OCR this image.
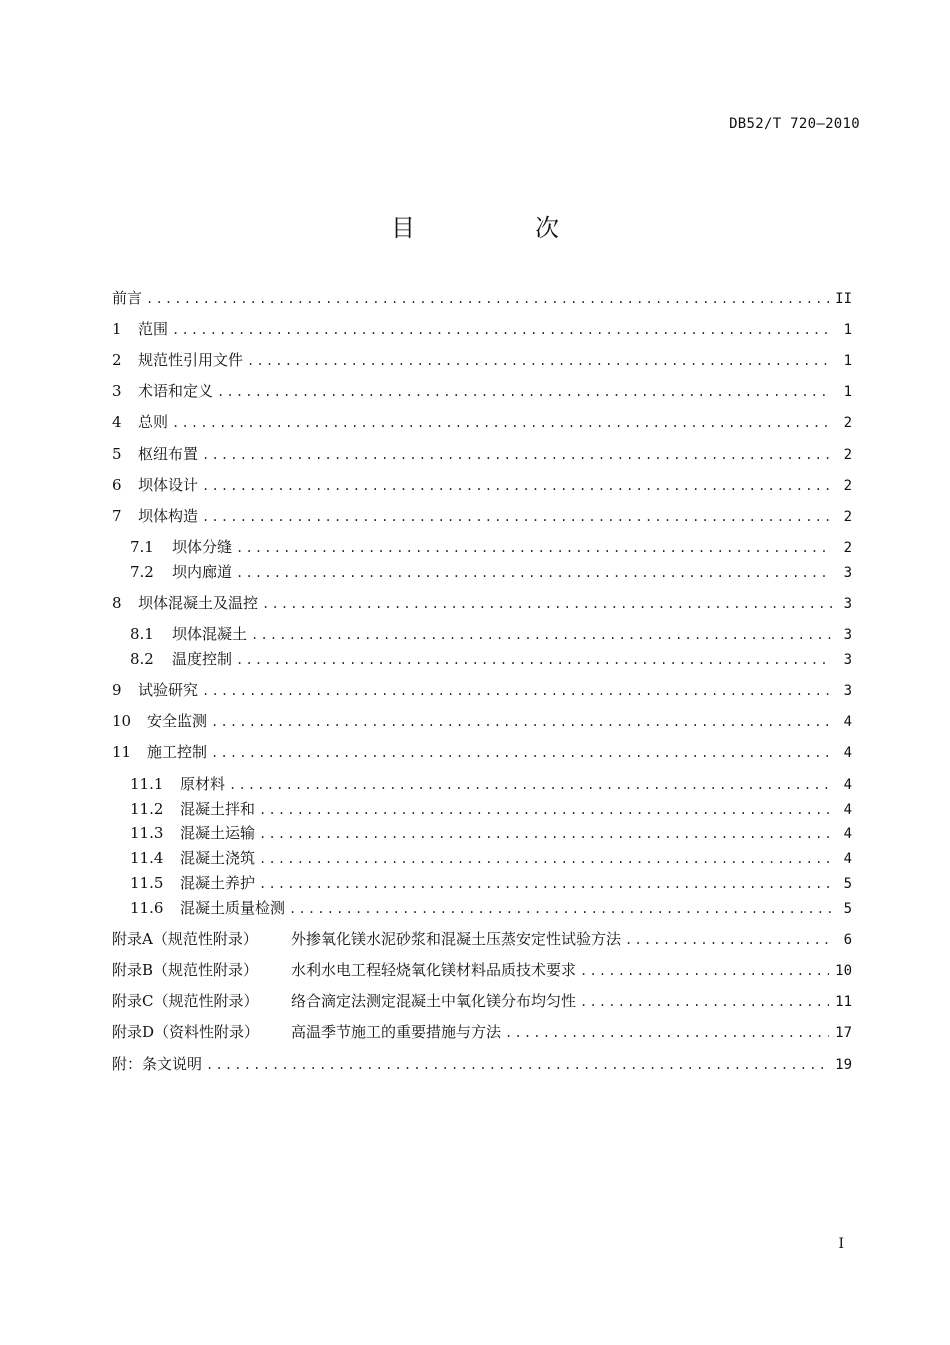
DB52/T 720—2010
目　次
前言 .....	II
1	范围 .....	1
2	规范性引用文件 .....	1
3	术语和定义 .....	1
4	总则 .....	2
5	枢纽布置 .....	2
6	坝体设计 .....	2
7	坝体构造 .....	2
7.1	坝体分缝 .....	2
7.2	坝内廊道 .....	3
8	坝体混凝土及温控 .....	3
8.1	坝体混凝土 .....	3
8.2	温度控制 .....	3
9	试验研究 .....	3
10	安全监测 .....	4
11	施工控制 .....	4
11.1	原材料 .....	4
11.2	混凝土拌和 .....	4
11.3	混凝土运输 .....	4
11.4	混凝土浇筑 .....	4
11.5	混凝土养护 .....	5
11.6	混凝土质量检测 .....	5
附录A（规范性附录）	外掺氧化镁水泥砂浆和混凝土压蒸安定性试验方法 .....	6
附录B（规范性附录）	水利水电工程轻烧氧化镁材料品质技术要求 .....	10
附录C（规范性附录）	络合滴定法测定混凝土中氧化镁分布均匀性 .....	11
附录D（资料性附录）	高温季节施工的重要措施与方法 .....	17
附：条文说明 .....	19
I
